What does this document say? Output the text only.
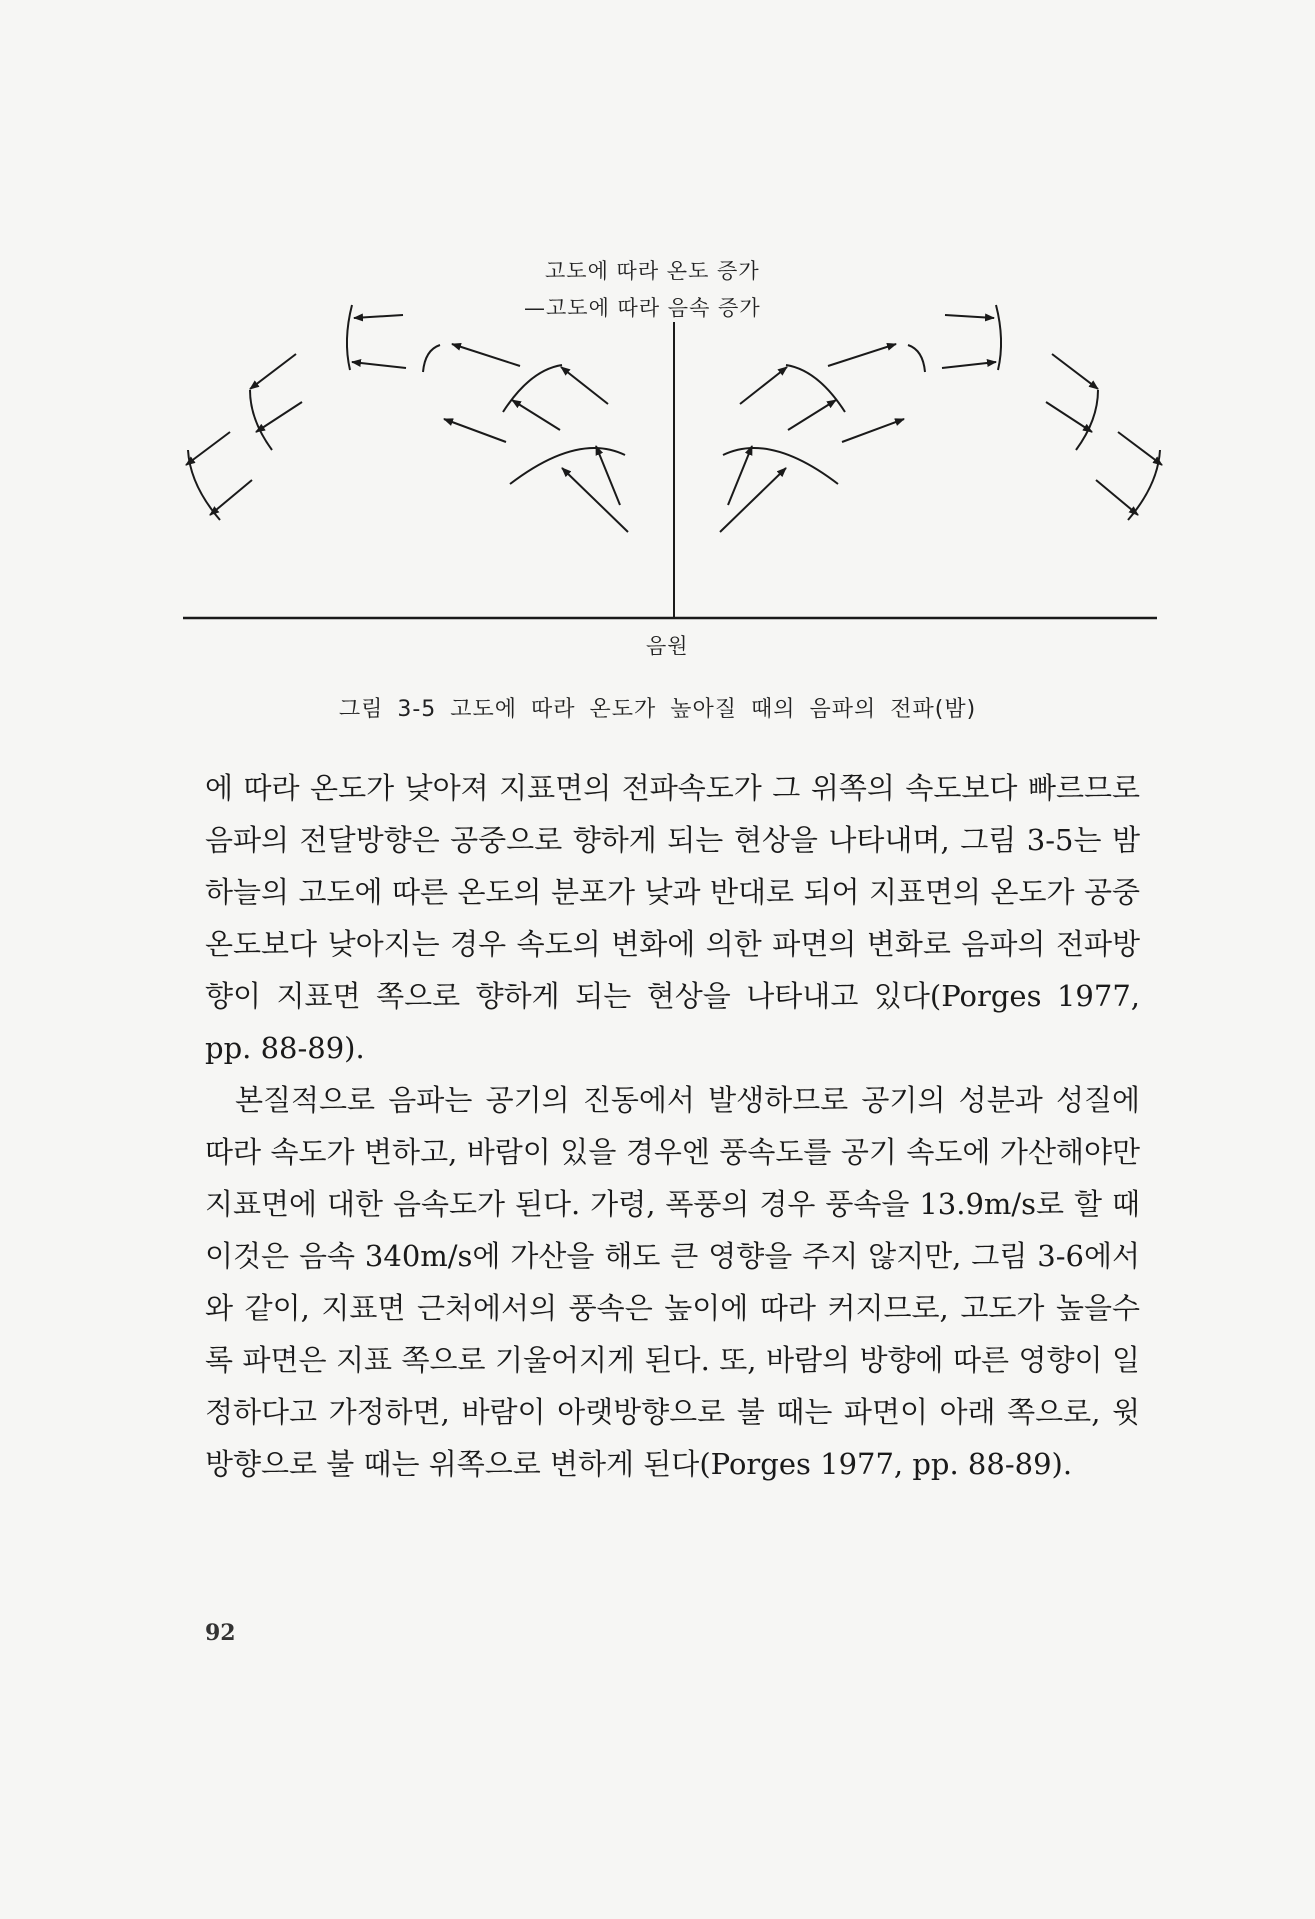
고도에 따라 온도 증가
—고도에 따라 음속 증가
음원
그림 3-5 고도에 따라 온도가 높아질 때의 음파의 전파(밤)

에 따라 온도가 낮아져 지표면의 전파속도가 그 위쪽의 속도보다 빠르므로 음파의 전달방향은 공중으로 향하게 되는 현상을 나타내며, 그림 3-5는 밤하늘의 고도에 따른 온도의 분포가 낮과 반대로 되어 지표면의 온도가 공중 온도보다 낮아지는 경우 속도의 변화에 의한 파면의 변화로 음파의 전파방향이 지표면 쪽으로 향하게 되는 현상을 나타내고 있다(Porges 1977, pp. 88-89).

본질적으로 음파는 공기의 진동에서 발생하므로 공기의 성분과 성질에 따라 속도가 변하고, 바람이 있을 경우엔 풍속도를 공기 속도에 가산해야만 지표면에 대한 음속도가 된다. 가령, 폭풍의 경우 풍속을 13.9m/s로 할 때 이것은 음속 340m/s에 가산을 해도 큰 영향을 주지 않지만, 그림 3-6에서와 같이, 지표면 근처에서의 풍속은 높이에 따라 커지므로, 고도가 높을수록 파면은 지표 쪽으로 기울어지게 된다. 또, 바람의 방향에 따른 영향이 일정하다고 가정하면, 바람이 아랫방향으로 불 때는 파면이 아래 쪽으로, 윗방향으로 불 때는 위쪽으로 변하게 된다(Porges 1977, pp. 88-89).

92
